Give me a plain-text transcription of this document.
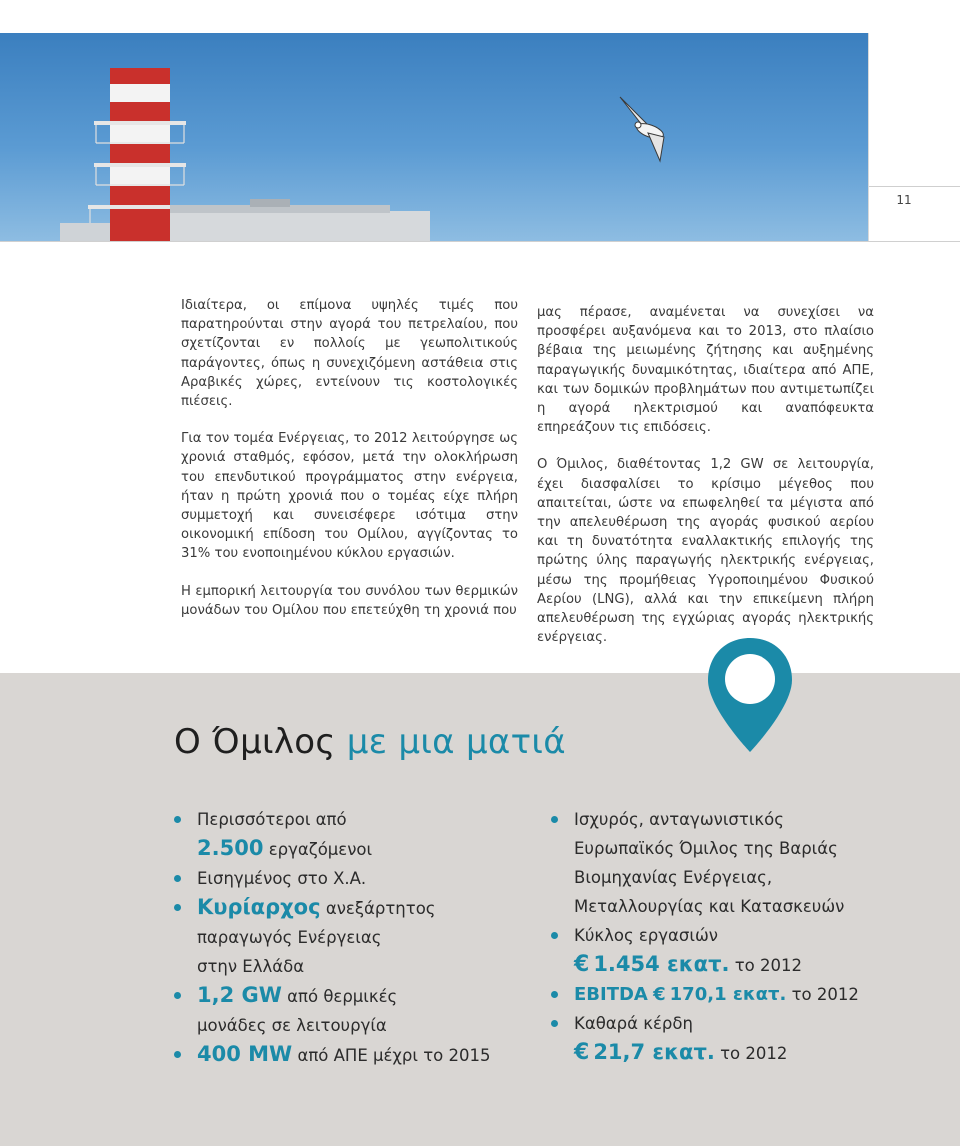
11

Ιδιαίτερα, οι επίμονα υψηλές τιμές που παρατηρούνται στην αγορά του πετρελαίου, που σχετίζονται εν πολλοίς με γεωπολιτικούς παράγοντες, όπως η συνεχιζόμενη αστάθεια στις Αραβικές χώρες, εντείνουν τις κοστολογικές πιέσεις.

Για τον τομέα Ενέργειας, το 2012 λειτούργησε ως χρονιά σταθμός, εφόσον, μετά την ολοκλήρωση του επενδυτικού προγράμματος στην ενέργεια, ήταν η πρώτη χρονιά που ο τομέας είχε πλήρη συμμετοχή και συνεισέφερε ισότιμα στην οικονομική επίδοση του Ομίλου, αγγίζοντας το 31% του ενοποιημένου κύκλου εργασιών.

Η εμπορική λειτουργία του συνόλου των θερμικών μονάδων του Ομίλου που επετεύχθη τη χρονιά που

μας πέρασε, αναμένεται να συνεχίσει να προσφέρει αυξανόμενα και το 2013, στο πλαίσιο βέβαια της μειωμένης ζήτησης και αυξημένης παραγωγικής δυναμικότητας, ιδιαίτερα από ΑΠΕ, και των δομικών προβλημάτων που αντιμετωπίζει η αγορά ηλεκτρισμού και αναπόφευκτα επηρεάζουν τις επιδόσεις.

Ο Όμιλος, διαθέτοντας 1,2 GW σε λειτουργία, έχει διασφαλίσει το κρίσιμο μέγεθος που απαιτείται, ώστε να επωφεληθεί τα μέγιστα από την απελευθέρωση της αγοράς φυσικού αερίου και τη δυνατότητα εναλλακτικής επιλογής της πρώτης ύλης παραγωγής ηλεκτρικής ενέργειας, μέσω της προμήθειας Υγροποιημένου Φυσικού Αερίου (LNG), αλλά και την επικείμενη πλήρη απελευθέρωση της εγχώριας αγοράς ηλεκτρικής ενέργειας.

Ο Όμιλος με μια ματιά
Περισσότεροι από
2.500 εργαζόμενοι
Εισηγμένος στο Χ.Α.
Κυρίαρχος ανεξάρτητος
παραγωγός Ενέργειας
στην Ελλάδα
1,2 GW από θερμικές
μονάδες σε λειτουργία
400 MW από ΑΠΕ μέχρι το 2015
Ισχυρός, ανταγωνιστικός
Ευρωπαϊκός Όμιλος της Βαριάς
Βιομηχανίας Ενέργειας,
Μεταλλουργίας και Κατασκευών
Κύκλος εργασιών
€ 1.454 εκατ. το 2012
EBITDA € 170,1 εκατ. το 2012
Καθαρά κέρδη
€ 21,7 εκατ. το 2012
